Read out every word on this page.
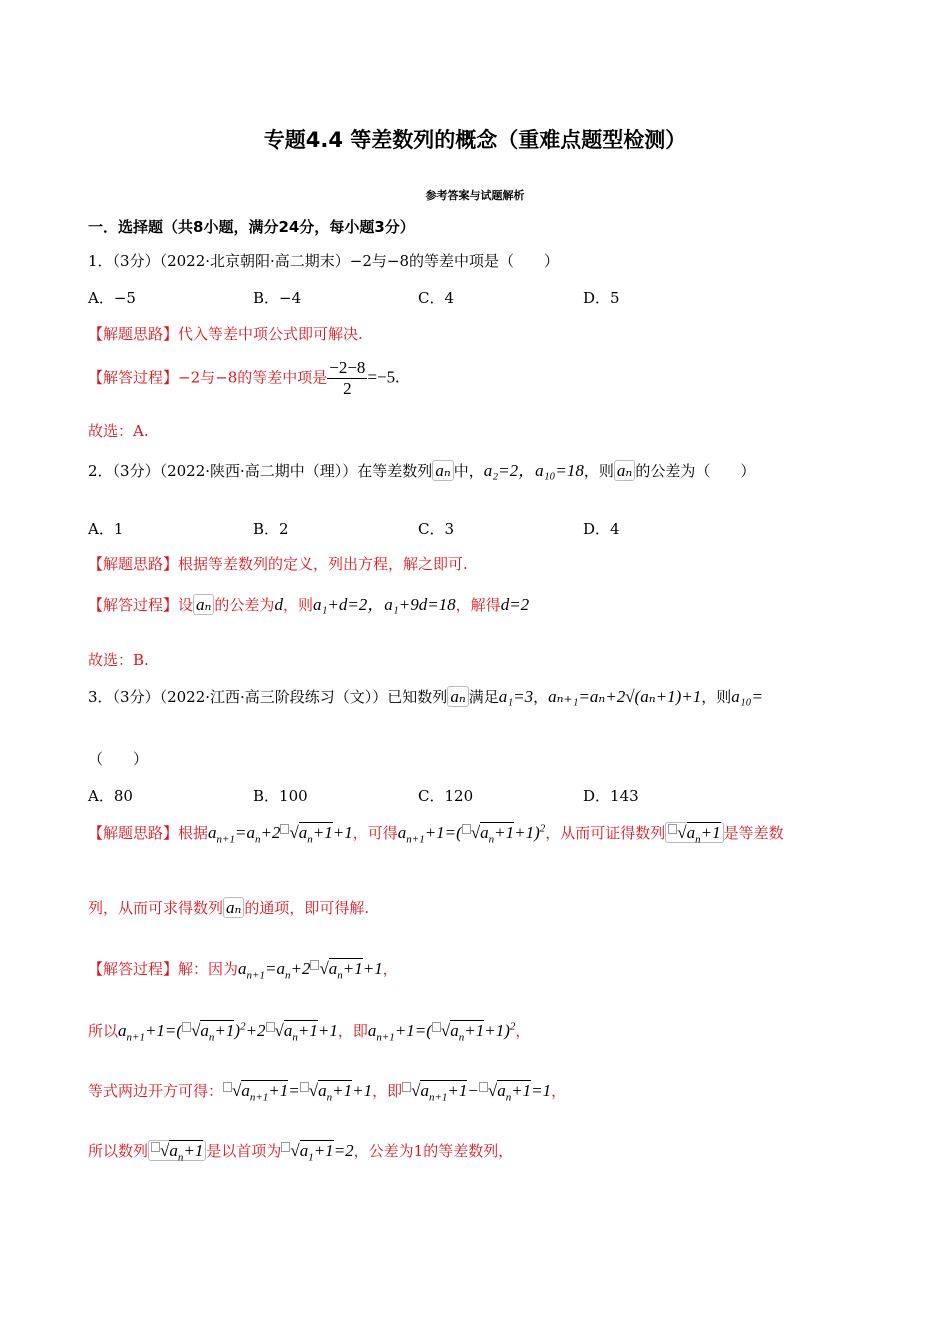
专题4.4 等差数列的概念（重难点题型检测）
参考答案与试题解析
一．选择题（共8小题，满分24分，每小题3分）
1．（3分）（2022·北京朝阳·高二期末）−2与−8的等差中项是（　　）
A．−5	B．−4	C．4	D．5
【解题思路】代入等差中项公式即可解决.
【解答过程】−2与−8的等差中项是 $\frac{-2-8}{2} =-5$.
故选：A.
2．（3分）（2022·陕西·高二期中（理））在等差数列 aₙ 中，a₂=2，a₁₀=18，则 aₙ 的公差为（　　）
A．1	B．2	C．3	D．4
【解题思路】根据等差数列的定义，列出方程，解之即可.
【解答过程】设 aₙ 的公差为d，则a₁+d=2，a₁+9d=18，解得d=2
故选：B.
3．（3分）（2022·江西·高三阶段练习（文））已知数列 aₙ 满足a₁=3，aₙ₊₁=aₙ+2√(aₙ+1)+1，则a₁₀=
（　　）
A．80	B．100	C．120	D．143
【解题思路】根据$a_{n+1}=a_n+2$ $√a_n+1+1$，可得$a_{n+1}+1=$( $√a_n+1+1)^2$，从而可证得数列 $√a_n+1$ 是等差数
列，从而可求得数列 aₙ 的通项，即可得解.
【解答过程】解：因为$a_{n+1}=a_n+2$ $√a_n+1+1$，
所以$a_{n+1}+1=$( $√a_n+1)^2+2$ $√a_n+1+1$，即$a_{n+1}+1=$( $√a_n+1+1)^2$，
等式两边开方可得： $√a_{n+1}+1= √a_n+1+1$，即 $√a_{n+1}+1- √a_n+1=1$，
所以数列 $√a_n+1$ 是以首项为 $√a_1+1=2$，公差为1的等差数列，
